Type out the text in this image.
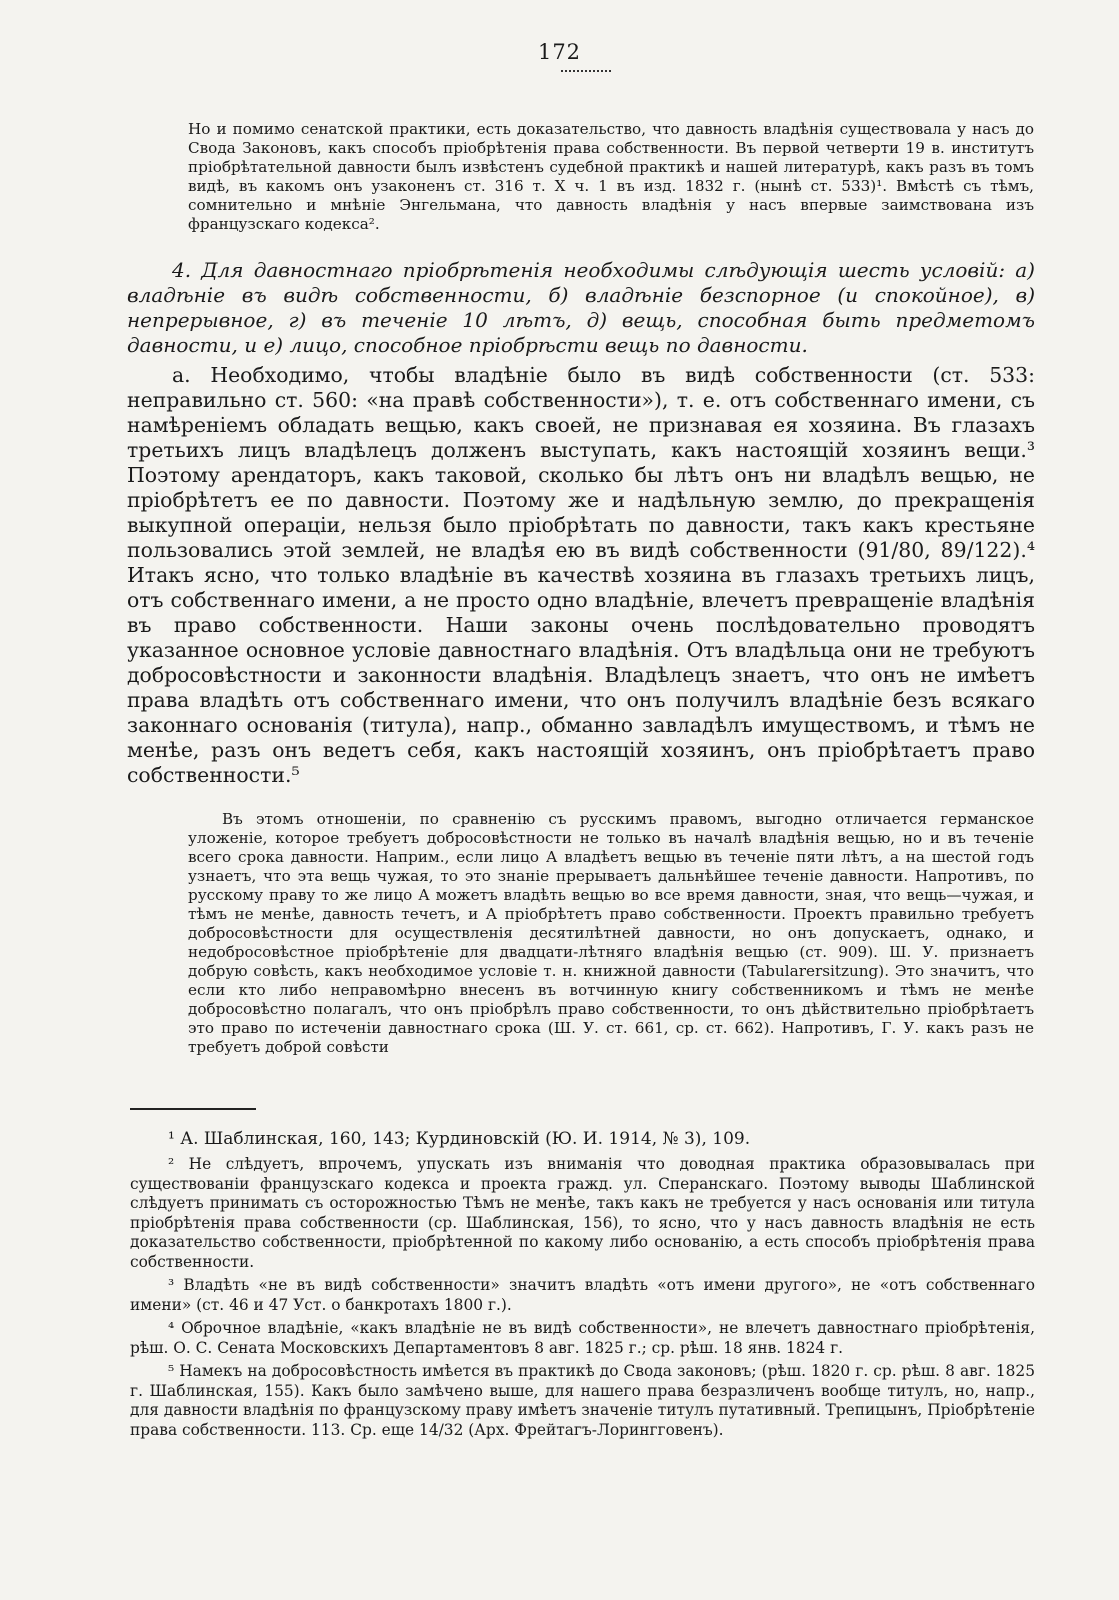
172

Но и помимо сенатской практики, есть доказательство, что давность владѣнія существовала у насъ до Свода Законовъ, какъ способъ пріобрѣтенія права собственности. Въ первой четверти 19 в. институтъ пріобрѣтательной давности былъ извѣстенъ судебной практикѣ и нашей литературѣ, какъ разъ въ томъ видѣ, въ какомъ онъ узаконенъ ст. 316 т. Х ч. 1 въ изд. 1832 г. (нынѣ ст. 533)¹. Вмѣстѣ съ тѣмъ, сомнительно и мнѣніе Энгельмана, что давность владѣнія у насъ впервые заимствована изъ французскаго кодекса².

4. Для давностнаго пріобрѣтенія необходимы слѣдующія шесть условій: а) владѣніе въ видѣ собственности, б) владѣніе безспорное (и спокойное), в) непрерывное, г) въ теченіе 10 лѣтъ, д) вещь, способная быть предметомъ давности, и е) лицо, способное пріобрѣсти вещь по давности.

а. Необходимо, чтобы владѣніе было въ видѣ собственности (ст. 533: неправильно ст. 560: «на правѣ собственности»), т. е. отъ собственнаго имени, съ намѣреніемъ обладать вещью, какъ своей, не признавая ея хозяина. Въ глазахъ третьихъ лицъ владѣлецъ долженъ выступать, какъ настоящій хозяинъ вещи.³ Поэтому арендаторъ, какъ таковой, сколько бы лѣтъ онъ ни владѣлъ вещью, не пріобрѣтетъ ее по давности. Поэтому же и надѣльную землю, до прекращенія выкупной операціи, нельзя было пріобрѣтать по давности, такъ какъ крестьяне пользовались этой землей, не владѣя ею въ видѣ собственности (91/80, 89/122).⁴ Итакъ ясно, что только владѣніе въ качествѣ хозяина въ глазахъ третьихъ лицъ, отъ собственнаго имени, а не просто одно владѣніе, влечетъ превращеніе владѣнія въ право собственности. Наши законы очень послѣдовательно проводятъ указанное основное условіе давностнаго владѣнія. Отъ владѣльца они не требуютъ добросовѣстности и законности владѣнія. Владѣлецъ знаетъ, что онъ не имѣетъ права владѣть отъ собственнаго имени, что онъ получилъ владѣніе безъ всякаго законнаго основанія (титула), напр., обманно завладѣлъ имуществомъ, и тѣмъ не менѣе, разъ онъ ведетъ себя, какъ настоящій хозяинъ, онъ пріобрѣтаетъ право собственности.⁵

Въ этомъ отношеніи, по сравненію съ русскимъ правомъ, выгодно отличается германское уложеніе, которое требуетъ добросовѣстности не только въ началѣ владѣнія вещью, но и въ теченіе всего срока давности. Наприм., если лицо А владѣетъ вещью въ теченіе пяти лѣтъ, а на шестой годъ узнаетъ, что эта вещь чужая, то это знаніе прерываетъ дальнѣйшее теченіе давности. Напротивъ, по русскому праву то же лицо А можетъ владѣть вещью во все время давности, зная, что вещь—чужая, и тѣмъ не менѣе, давность течетъ, и А пріобрѣтетъ право собственности. Проектъ правильно требуетъ добросовѣстности для осуществленія десятилѣтней давности, но онъ допускаетъ, однако, и недобросовѣстное пріобрѣтеніе для двадцати-лѣтняго владѣнія вещью (ст. 909). Ш. У. признаетъ добрую совѣсть, какъ необходимое условіе т. н. книжной давности (Tabularersitzung). Это значитъ, что если кто либо неправомѣрно внесенъ въ вотчинную книгу собственникомъ и тѣмъ не менѣе добросовѣстно полагалъ, что онъ пріобрѣлъ право собственности, то онъ дѣйствительно пріобрѣтаетъ это право по истеченіи давностнаго срока (Ш. У. ст. 661, ср. ст. 662). Напротивъ, Г. У. какъ разъ не требуетъ доброй совѣсти

¹ А. Шаблинская, 160, 143; Курдиновскій (Ю. И. 1914, № 3), 109.

² Не слѣдуетъ, впрочемъ, упускать изъ вниманія что доводная практика образовывалась при существованіи французскаго кодекса и проекта гражд. ул. Сперанскаго. Поэтому выводы Шаблинской слѣдуетъ принимать съ осторожностью Тѣмъ не менѣе, такъ какъ не требуется у насъ основанія или титула пріобрѣтенія права собственности (ср. Шаблинская, 156), то ясно, что у насъ давность владѣнія не есть доказательство собственности, пріобрѣтенной по какому либо основанію, а есть способъ пріобрѣтенія права собственности.

³ Владѣть «не въ видѣ собственности» значитъ владѣть «отъ имени другого», не «отъ собственнаго имени» (ст. 46 и 47 Уст. о банкротахъ 1800 г.).

⁴ Оброчное владѣніе, «какъ владѣніе не въ видѣ собственности», не влечетъ давностнаго пріобрѣтенія, рѣш. О. С. Сената Московскихъ Департаментовъ 8 авг. 1825 г.; ср. рѣш. 18 янв. 1824 г.

⁵ Намекъ на добросовѣстность имѣется въ практикѣ до Свода законовъ; (рѣш. 1820 г. ср. рѣш. 8 авг. 1825 г. Шаблинская, 155). Какъ было замѣчено выше, для нашего права безразличенъ вообще титулъ, но, напр., для давности владѣнія по французскому праву имѣетъ значеніе титулъ путативный. Трепицынъ, Пріобрѣтеніе права собственности. 113. Ср. еще 14/32 (Арх. Фрейтагъ-Лорингговенъ).
